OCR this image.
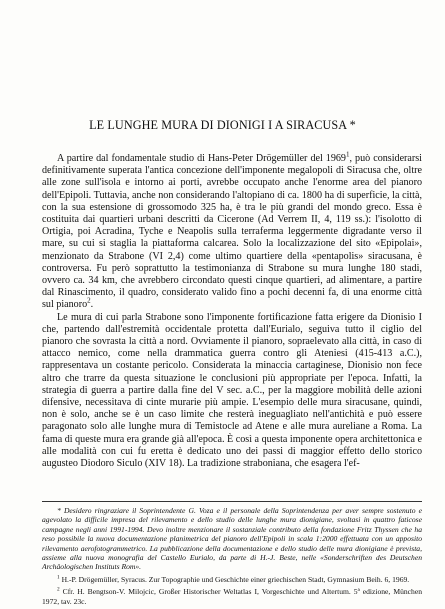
LE LUNGHE MURA DI DIONIGI I A SIRACUSA *

A partire dal fondamentale studio di Hans-Peter Drögemüller del 1969$^1$, può considerarsi definitivamente superata l'antica concezione dell'imponente megalopoli di Siracusa che, oltre alle zone sull'isola e intorno ai porti, avrebbe occupato anche l'enorme area del pianoro dell'Epipoli. Tuttavia, anche non considerando l'altopiano di ca. 1800 ha di superficie, la città, con la sua estensione di grossomodo 325 ha, è tra le più grandi del mondo greco. Essa è costituita dai quartieri urbani descritti da Cicerone (Ad Verrem II, 4, 119 ss.): l'isolotto di Ortigia, poi Acradina, Tyche e Neapolis sulla terraferma leggermente digradante verso il mare, su cui si staglia la piattaforma calcarea. Solo la localizzazione del sito «Epipolai», menzionato da Strabone (VI 2,4) come ultimo quartiere della «pentapolis» siracusana, è controversa. Fu però soprattutto la testimonianza di Strabone su mura lunghe 180 stadi, ovvero ca. 34 km, che avrebbero circondato questi cinque quartieri, ad alimentare, a partire dal Rinascimento, il quadro, considerato valido fino a pochi decenni fa, di una enorme città sul pianoro$^2$.

Le mura di cui parla Strabone sono l'imponente fortificazione fatta erigere da Dionisio I che, partendo dall'estremità occidentale protetta dall'Eurialo, seguiva tutto il ciglio del pianoro che sovrasta la città a nord. Ovviamente il pianoro, sopraelevato alla città, in caso di attacco nemico, come nella drammatica guerra contro gli Ateniesi (415-413 a.C.), rappresentava un costante pericolo. Considerata la minaccia cartaginese, Dionisio non fece altro che trarre da questa situazione le conclusioni più appropriate per l'epoca. Infatti, la strategia di guerra a partire dalla fine del V sec. a.C., per la maggiore mobilità delle azioni difensive, necessitava di cinte murarie più ampie. L'esempio delle mura siracusane, quindi, non è solo, anche se è un caso limite che resterà ineguagliato nell'antichità e può essere paragonato solo alle lunghe mura di Temistocle ad Atene e alle mura aureliane a Roma. La fama di queste mura era grande già all'epoca. È così a questa imponente opera architettonica e alle modalità con cui fu eretta è dedicato uno dei passi di maggior effetto dello storico augusteo Diodoro Siculo (XIV 18). La tradizione straboniana, che esagera l'ef-

* Desidero ringraziare il Soprintendente G. Voza e il personale della Soprintendenza per aver sempre sostenuto e agevolato la difficile impresa del rilevamento e dello studio delle lunghe mura dionigiane, svoltasi in quattro faticose campagne negli anni 1991-1994. Devo inoltre menzionare il sostanziale contributo della fondazione Fritz Thyssen che ha reso possibile la nuova documentazione planimetrica del pianoro dell'Epipoli in scala 1:2000 effettuata con un apposito rilevamento aerofotogrammetrico. La pubblicazione della documentazione e dello studio delle mura dionigiane è prevista, assieme alla nuova monografia del Castello Eurialo, da parte di H.-J. Beste, nelle «Sonderschriften des Deutschen Archäologischen Instituts Rom».

$^1$ H.-P. Drögemüller, Syracus. Zur Topographie und Geschichte einer griechischen Stadt, Gymnasium Beih. 6, 1969.

$^2$ Cfr. H. Bengtson-V. Milojcic, Großer Historischer Weltatlas I, Vorgeschichte und Altertum. 5ª edizione, München 1972, tav. 23c.
